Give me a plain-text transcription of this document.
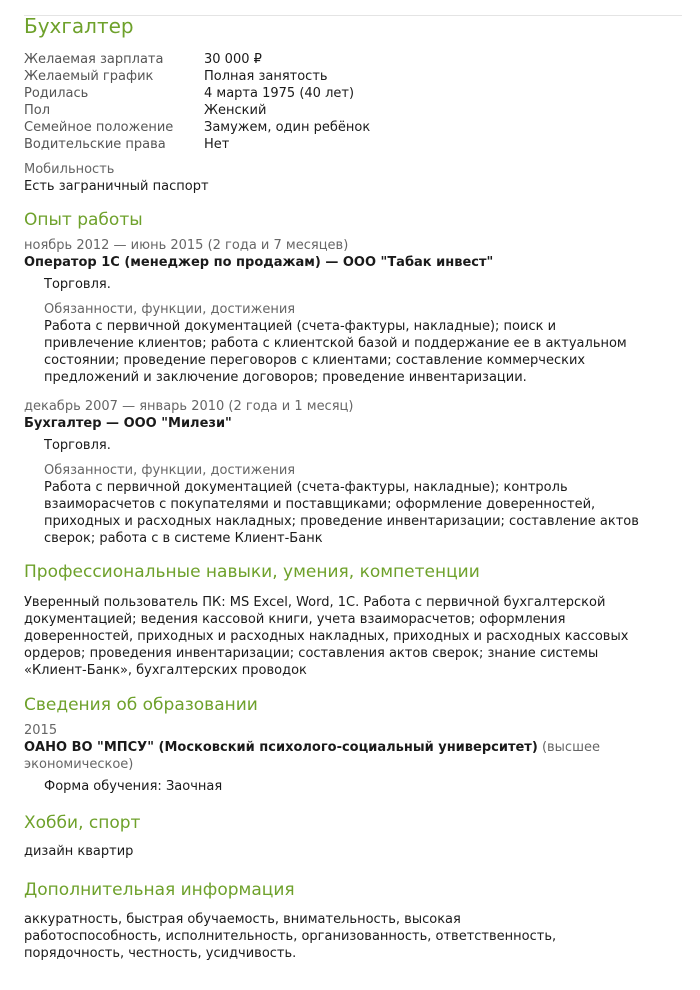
Бухгалтер
Желаемая зарплата	30 000 ₽
Желаемый график	Полная занятость
Родилась	4 марта 1975 (40 лет)
Пол	Женский
Семейное положение	Замужем, один ребёнок
Водительские права	Нет
Мобильность
Есть заграничный паспорт
Опыт работы
ноябрь 2012 — июнь 2015 (2 года и 7 месяцев)
Оператор 1С (менеджер по продажам) — ООО "Табак инвест"
Торговля.
Обязанности, функции, достижения
Работа с первичной документацией (счета-фактуры, накладные); поиск и привлечение клиентов; работа с клиентской базой и поддержание ее в актуальном состоянии; проведение переговоров с клиентами; составление коммерческих предложений и заключение договоров; проведение инвентаризации.
декабрь 2007 — январь 2010 (2 года и 1 месяц)
Бухгалтер — ООО "Милези"
Торговля.
Обязанности, функции, достижения
Работа с первичной документацией (счета-фактуры, накладные); контроль взаиморасчетов с покупателями и поставщиками; оформление доверенностей, приходных и расходных накладных; проведение инвентаризации; составление актов сверок; работа с в системе Клиент-Банк
Профессиональные навыки, умения, компетенции
Уверенный пользователь ПК: MS Excel, Word, 1C. Работа с первичной бухгалтерской документацией; ведения кассовой книги, учета взаиморасчетов; оформления доверенностей, приходных и расходных накладных, приходных и расходных кассовых ордеров; проведения инвентаризации; составления актов сверок; знание системы «Клиент-Банк», бухгалтерских проводок
Сведения об образовании
2015
ОАНО ВО "МПСУ" (Московский психолого-социальный университет) (высшее экономическое)
Форма обучения: Заочная
Хобби, спорт
дизайн квартир
Дополнительная информация
аккуратность, быстрая обучаемость, внимательность, высокая работоспособность, исполнительность, организованность, ответственность, порядочность, честность, усидчивость.
